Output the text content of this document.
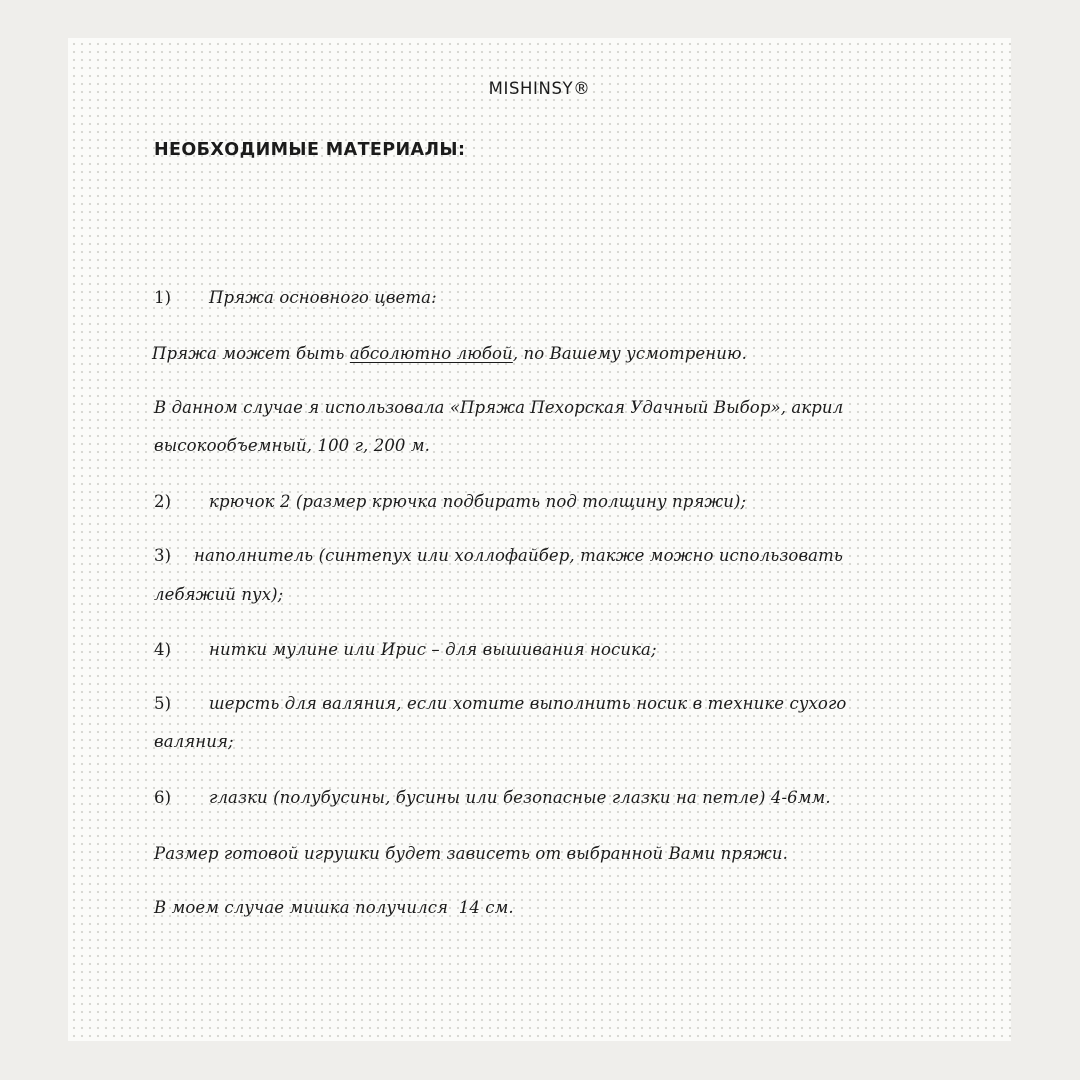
MISHINSY®

НЕОБХОДИМЫЕ МАТЕРИАЛЫ:

1) Пряжа основного цвета:

Пряжа может быть абсолютно любой, по Вашему усмотрению.

В данном случае я использовала «Пряжа Пехорская Удачный Выбор», акрил

высокообъемный, 100 г, 200 м.

2) крючок 2 (размер крючка подбирать под толщину пряжи);

3) наполнитель (синтепух или холлофайбер, также можно использовать

лебяжий пух);

4) нитки мулине или Ирис – для вышивания носика;

5) шерсть для валяния, если хотите выполнить носик в технике сухого

валяния;

6) глазки (полубусины, бусины или безопасные глазки на петле) 4-6мм.

Размер готовой игрушки будет зависеть от выбранной Вами пряжи.

В моем случае мишка получился  14 см.
